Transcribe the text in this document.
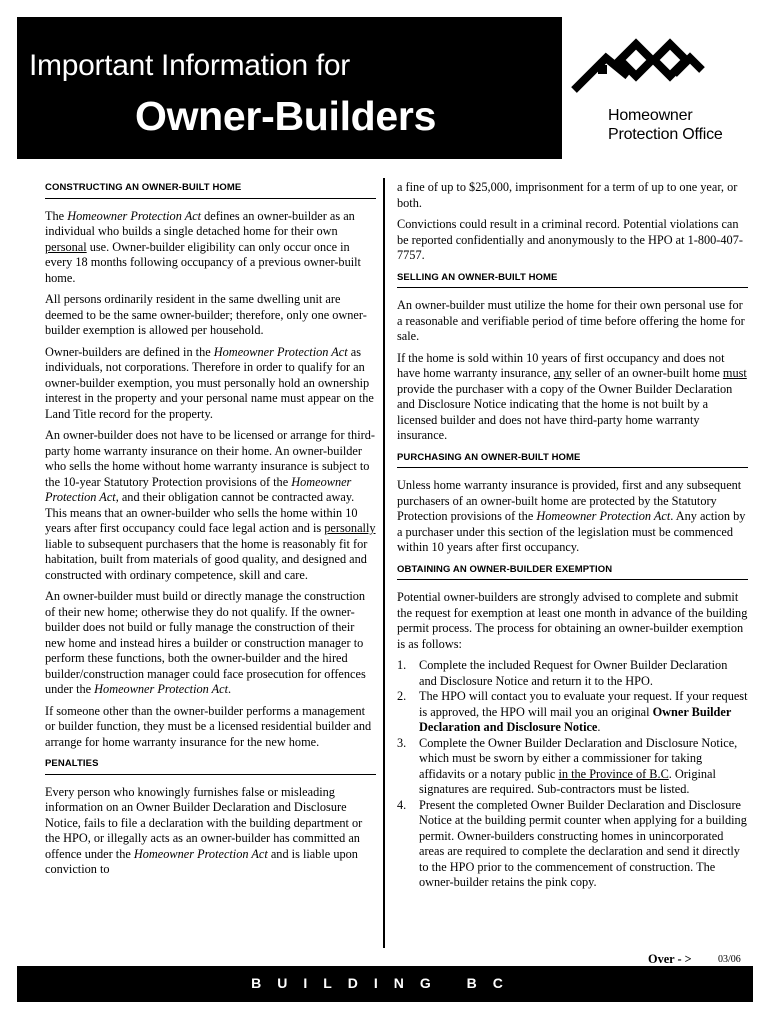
Important Information for
Owner-Builders	Homeowner
Protection Office
CONSTRUCTING AN OWNER-BUILT HOME

The Homeowner Protection Act defines an owner-builder as an individual who builds a single detached home for their own personal use. Owner-builder eligibility can only occur once in every 18 months following occupancy of a previous owner-built home.

All persons ordinarily resident in the same dwelling unit are deemed to be the same owner-builder; therefore, only one owner-builder exemption is allowed per household.

Owner-builders are defined in the Homeowner Protection Act as individuals, not corporations. Therefore in order to qualify for an owner-builder exemption, you must personally hold an ownership interest in the property and your personal name must appear on the Land Title record for the property.

An owner-builder does not have to be licensed or arrange for third-party home warranty insurance on their home. An owner-builder who sells the home without home warranty insurance is subject to the 10-year Statutory Protection provisions of the Homeowner Protection Act, and their obligation cannot be contracted away. This means that an owner-builder who sells the home within 10 years after first occupancy could face legal action and is personally liable to subsequent purchasers that the home is reasonably fit for habitation, built from materials of good quality, and designed and constructed with ordinary competence, skill and care.

An owner-builder must build or directly manage the construction of their new home; otherwise they do not qualify. If the owner-builder does not build or fully manage the construction of their new home and instead hires a builder or construction manager to perform these functions, both the owner-builder and the hired builder/construction manager could face prosecution for offences under the Homeowner Protection Act.

If someone other than the owner-builder performs a management or builder function, they must be a licensed residential builder and arrange for home warranty insurance for the new home.

PENALTIES

Every person who knowingly furnishes false or misleading information on an Owner Builder Declaration and Disclosure Notice, fails to file a declaration with the building department or the HPO, or illegally acts as an owner-builder has committed an offence under the Homeowner Protection Act and is liable upon conviction to

a fine of up to $25,000, imprisonment for a term of up to one year, or both.

Convictions could result in a criminal record. Potential violations can be reported confidentially and anonymously to the HPO at 1-800-407-7757.

SELLING AN OWNER-BUILT HOME

An owner-builder must utilize the home for their own personal use for a reasonable and verifiable period of time before offering the home for sale.

If the home is sold within 10 years of first occupancy and does not have home warranty insurance, any seller of an owner-built home must provide the purchaser with a copy of the Owner Builder Declaration and Disclosure Notice indicating that the home is not built by a licensed builder and does not have third-party home warranty insurance.

PURCHASING AN OWNER-BUILT HOME

Unless home warranty insurance is provided, first and any subsequent purchasers of an owner-built home are protected by the Statutory Protection provisions of the Homeowner Protection Act. Any action by a purchaser under this section of the legislation must be commenced within 10 years after first occupancy.

OBTAINING AN OWNER-BUILDER EXEMPTION

Potential owner-builders are strongly advised to complete and submit the request for exemption at least one month in advance of the building permit process. The process for obtaining an owner-builder exemption is as follows:

1. Complete the included Request for Owner Builder Declaration and Disclosure Notice and return it to the HPO.
2. The HPO will contact you to evaluate your request. If your request is approved, the HPO will mail you an original Owner Builder Declaration and Disclosure Notice.
3. Complete the Owner Builder Declaration and Disclosure Notice, which must be sworn by either a commissioner for taking affidavits or a notary public in the Province of B.C. Original signatures are required. Sub-contractors must be listed.
4. Present the completed Owner Builder Declaration and Disclosure Notice at the building permit counter when applying for a building permit. Owner-builders constructing homes in unincorporated areas are required to complete the declaration and send it directly to the HPO prior to the commencement of construction. The owner-builder retains the pink copy.
Over - >	03/06
BUILDING BC
